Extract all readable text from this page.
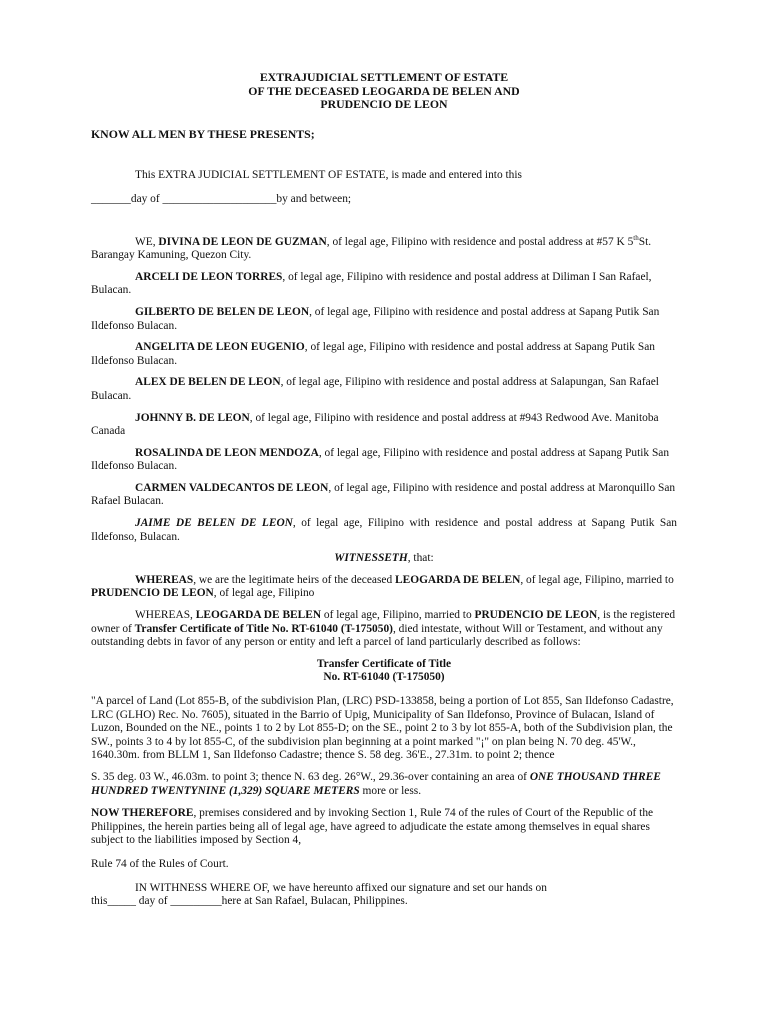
EXTRAJUDICIAL SETTLEMENT OF ESTATE
OF THE DECEASED LEOGARDA DE BELEN AND
PRUDENCIO DE LEON

KNOW ALL MEN BY THESE PRESENTS;

This EXTRA JUDICIAL SETTLEMENT OF ESTATE, is made and entered into this

_______day of ____________________by and between;

WE, DIVINA DE LEON DE GUZMAN, of legal age, Filipino with residence and postal address at #57 K 5thSt. Barangay Kamuning, Quezon City.

ARCELI DE LEON TORRES, of legal age, Filipino with residence and postal address at Diliman I San Rafael, Bulacan.

GILBERTO DE BELEN DE LEON, of legal age, Filipino with residence and postal address at Sapang Putik San Ildefonso Bulacan.

ANGELITA DE LEON EUGENIO, of legal age, Filipino with residence and postal address at Sapang Putik San Ildefonso Bulacan.

ALEX DE BELEN DE LEON, of legal age, Filipino with residence and postal address at Salapungan, San Rafael Bulacan.

JOHNNY B. DE LEON, of legal age, Filipino with residence and postal address at #943 Redwood Ave. Manitoba Canada

ROSALINDA DE LEON MENDOZA, of legal age, Filipino with residence and postal address at Sapang Putik San Ildefonso Bulacan.

CARMEN VALDECANTOS DE LEON, of legal age, Filipino with residence and postal address at Maronquillo San Rafael Bulacan.

JAIME DE BELEN DE LEON, of legal age, Filipino with residence and postal address at Sapang Putik San Ildefonso, Bulacan.

WITNESSETH, that:

WHEREAS, we are the legitimate heirs of the deceased LEOGARDA DE BELEN, of legal age, Filipino, married to PRUDENCIO DE LEON, of legal age, Filipino

WHEREAS, LEOGARDA DE BELEN of legal age, Filipino, married to PRUDENCIO DE LEON, is the registered owner of Transfer Certificate of Title No. RT-61040 (T-175050), died intestate, without Will or Testament, and without any outstanding debts in favor of any person or entity and left a parcel of land particularly described as follows:

Transfer Certificate of Title
No. RT-61040 (T-175050)

"A parcel of Land (Lot 855-B, of the subdivision Plan, (LRC) PSD-133858, being a portion of Lot 855, San Ildefonso Cadastre, LRC (GLHO) Rec. No. 7605), situated in the Barrio of Upig, Municipality of San Ildefonso, Province of Bulacan, Island of Luzon, Bounded on the NE., points 1 to 2 by Lot 855-D; on the SE., point 2 to 3 by lot 855-A, both of the Subdivision plan, the SW., points 3 to 4 by lot 855-C, of the subdivision plan beginning at a point marked "¡" on plan being N. 70 deg. 45'W., 1640.30m. from BLLM 1, San Ildefonso Cadastre; thence S. 58 deg. 36'E., 27.31m. to point 2; thence

S. 35 deg. 03 W., 46.03m. to point 3; thence N. 63 deg. 26°W., 29.36-over containing an area of ONE THOUSAND THREE HUNDRED TWENTYNINE (1,329) SQUARE METERS more or less.

NOW THEREFORE, premises considered and by invoking Section 1, Rule 74 of the rules of Court of the Republic of the Philippines, the herein parties being all of legal age, have agreed to adjudicate the estate among themselves in equal shares subject to the liabilities imposed by Section 4,

Rule 74 of the Rules of Court.

IN WITHNESS WHERE OF, we have hereunto affixed our signature and set our hands on

this_____ day of _________here at San Rafael, Bulacan, Philippines.
